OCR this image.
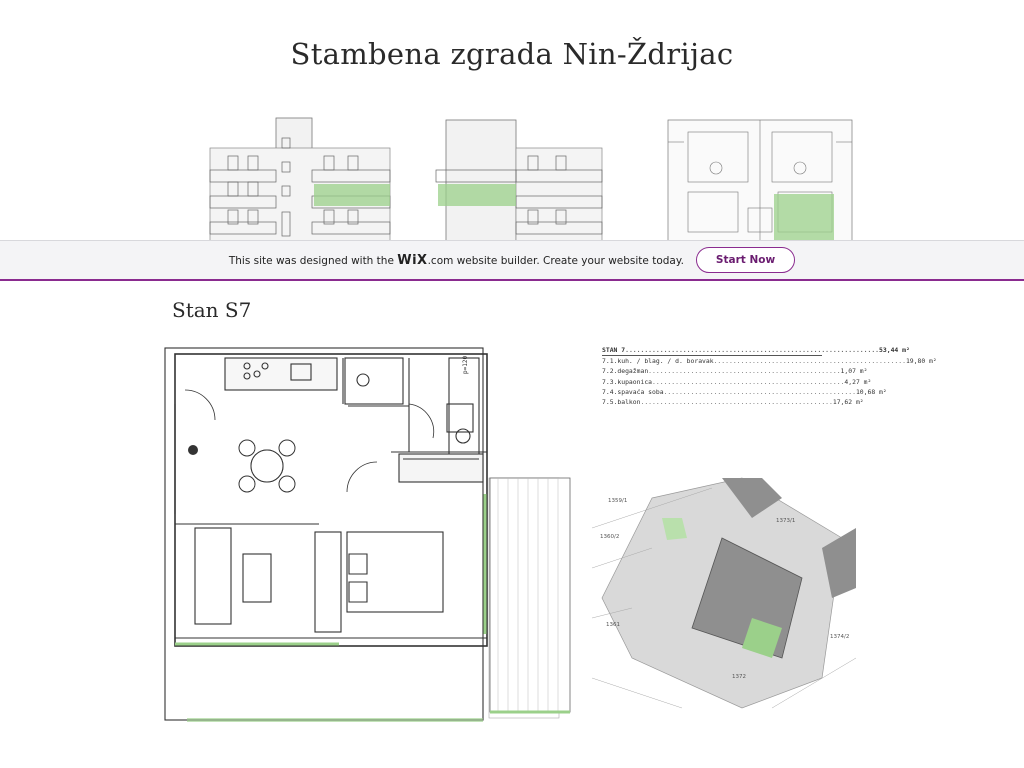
Stambena zgrada Nin-Ždrijac
This site was designed with the WiX.com website builder. Create your website today.	Start Now
Stan S7
p=120
STAN 7 .................................................................. 53,44 m²
7.1. kuh. / blag. / d. boravak .................................................. 19,80 m²
7.2. degažman .................................................. 1,07 m²
7.3. kupaonica .................................................. 4,27 m²
7.4. spavaća soba .................................................. 10,68 m²
7.5. balkon .................................................. 17,62 m²
1359/1
1360/2
1373/1
1361
1374/2
1372
